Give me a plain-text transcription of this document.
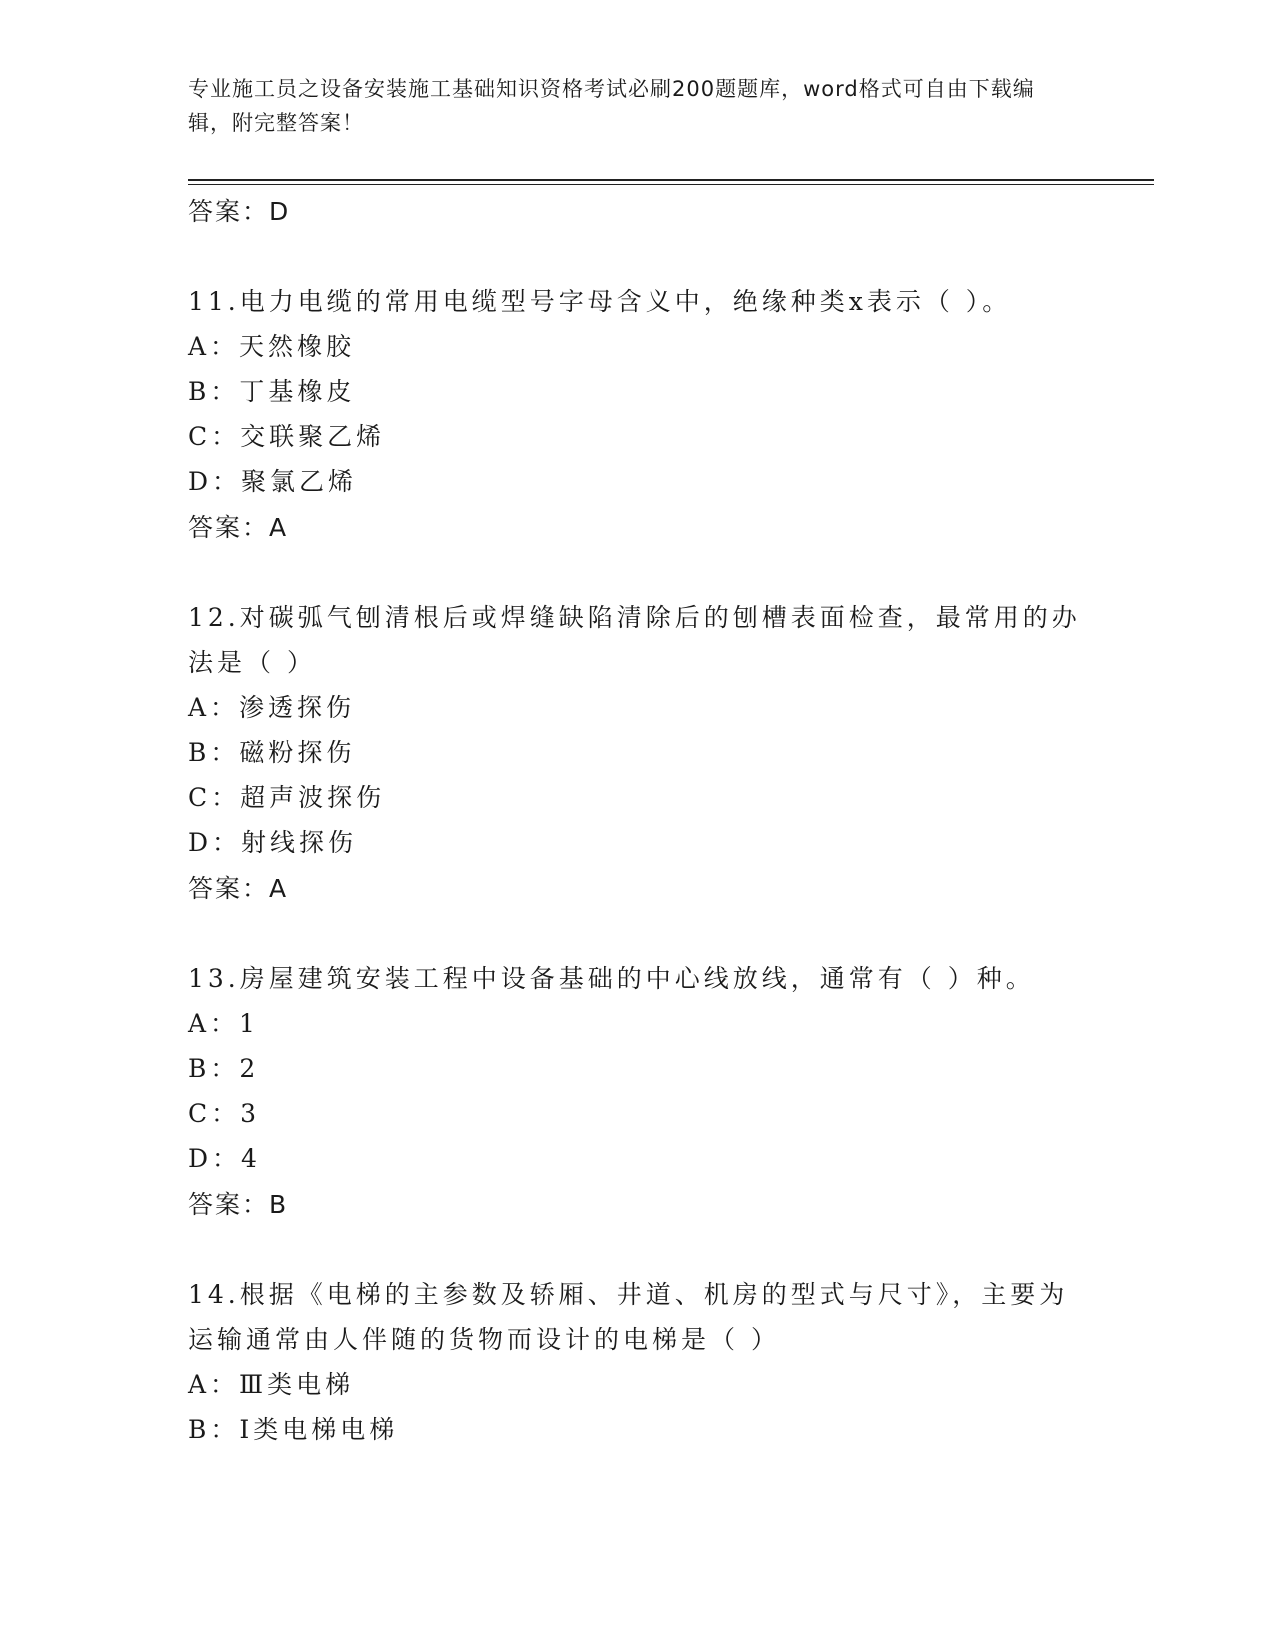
专业施工员之设备安装施工基础知识资格考试必刷200题题库，word格式可自由下载编辑，附完整答案！
答案：D
11.电力电缆的常用电缆型号字母含义中，绝缘种类x表示（ ）。
A：天然橡胶
B：丁基橡皮
C：交联聚乙烯
D：聚氯乙烯
答案：A
12.对碳弧气刨清根后或焊缝缺陷清除后的刨槽表面检查，最常用的办
法是（ ）
A：渗透探伤
B：磁粉探伤
C：超声波探伤
D：射线探伤
答案：A
13.房屋建筑安装工程中设备基础的中心线放线，通常有（ ）种。
A：1
B：2
C：3
D：4
答案：B
14.根据《电梯的主参数及轿厢、井道、机房的型式与尺寸》，主要为
运输通常由人伴随的货物而设计的电梯是（ ）
A：Ⅲ类电梯
B：Ⅰ类电梯电梯
